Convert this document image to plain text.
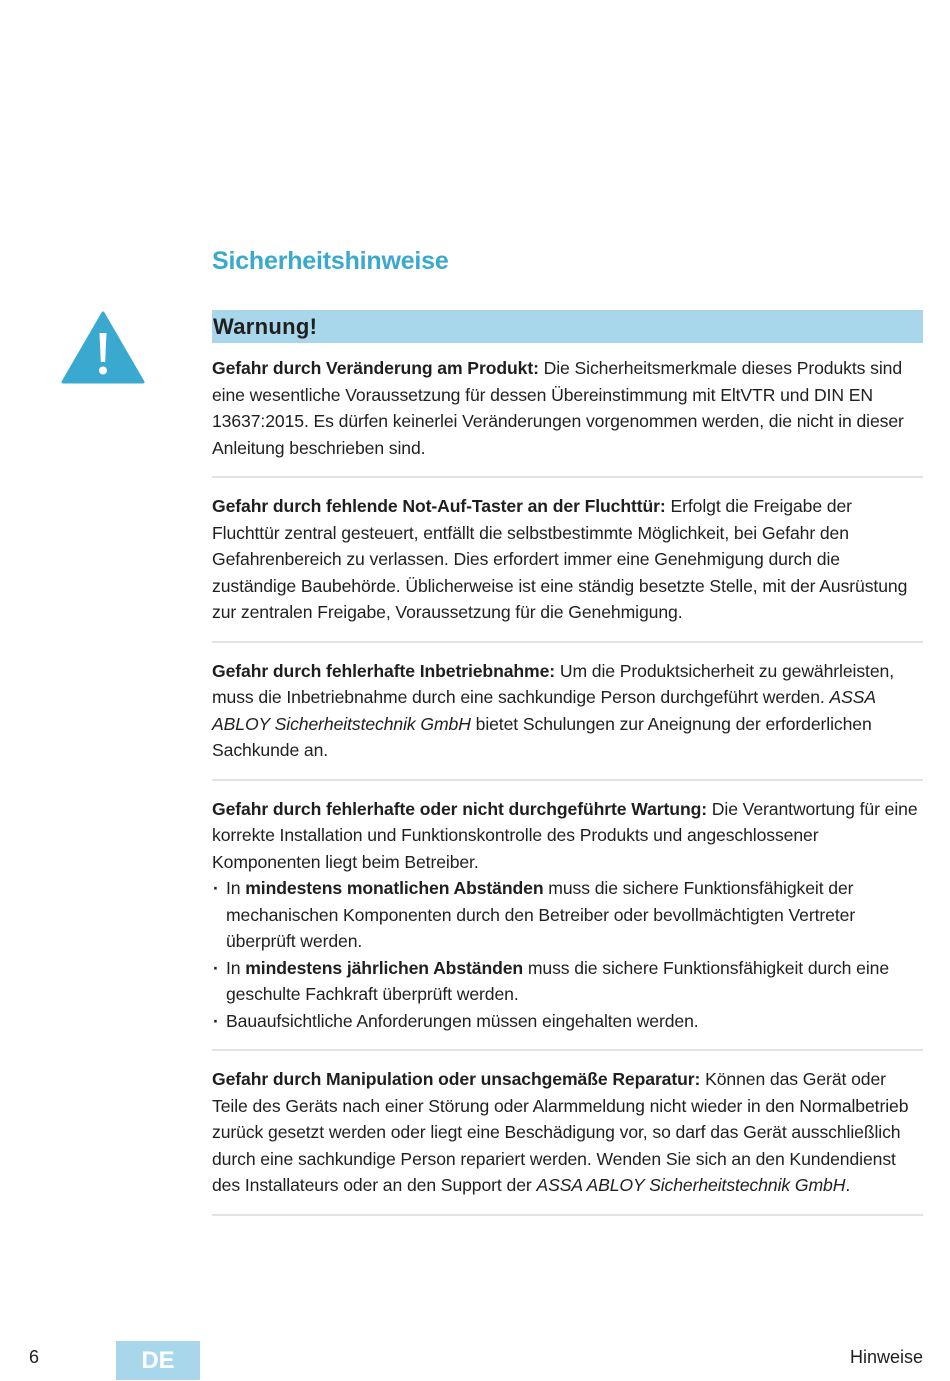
Sicherheitshinweise
Warnung!

Gefahr durch Veränderung am Produkt: Die Sicherheitsmerkmale dieses Produkts sind eine wesentliche Voraussetzung für dessen Übereinstimmung mit EltVTR und DIN EN 13637:2015. Es dürfen keinerlei Veränderungen vorgenommen werden, die nicht in dieser Anleitung beschrieben sind.

Gefahr durch fehlende Not-Auf-Taster an der Fluchttür: Erfolgt die Freigabe der Fluchttür zentral gesteuert, entfällt die selbstbestimmte Möglichkeit, bei Gefahr den Gefahrenbereich zu verlassen. Dies erfordert immer eine Genehmigung durch die zuständige Baubehörde. Üblicherweise ist eine ständig besetzte Stelle, mit der Ausrüstung zur zentralen Freigabe, Voraussetzung für die Genehmigung.

Gefahr durch fehlerhafte Inbetriebnahme: Um die Produktsicherheit zu gewährleisten, muss die Inbetriebnahme durch eine sachkundige Person durchgeführt werden. ASSA ABLOY Sicherheitstechnik GmbH bietet Schulungen zur Aneignung der erforderlichen Sachkunde an.

Gefahr durch fehlerhafte oder nicht durchgeführte Wartung: Die Verantwortung für eine korrekte Installation und Funktionskontrolle des Produkts und angeschlossener Komponenten liegt beim Betreiber.

· In mindestens monatlichen Abständen muss die sichere Funktionsfähigkeit der mechanischen Komponenten durch den Betreiber oder bevollmächtigten Vertreter überprüft werden.
· In mindestens jährlichen Abständen muss die sichere Funktionsfähigkeit durch eine geschulte Fachkraft überprüft werden.
· Bauaufsichtliche Anforderungen müssen eingehalten werden.

Gefahr durch Manipulation oder unsachgemäße Reparatur: Können das Gerät oder Teile des Geräts nach einer Störung oder Alarmmeldung nicht wieder in den Normalbetrieb zurück gesetzt werden oder liegt eine Beschädigung vor, so darf das Gerät ausschließlich durch eine sachkundige Person repariert werden. Wenden Sie sich an den Kundendienst des Installateurs oder an den Support der ASSA ABLOY Sicherheitstechnik GmbH.

6	DE	Hinweise
